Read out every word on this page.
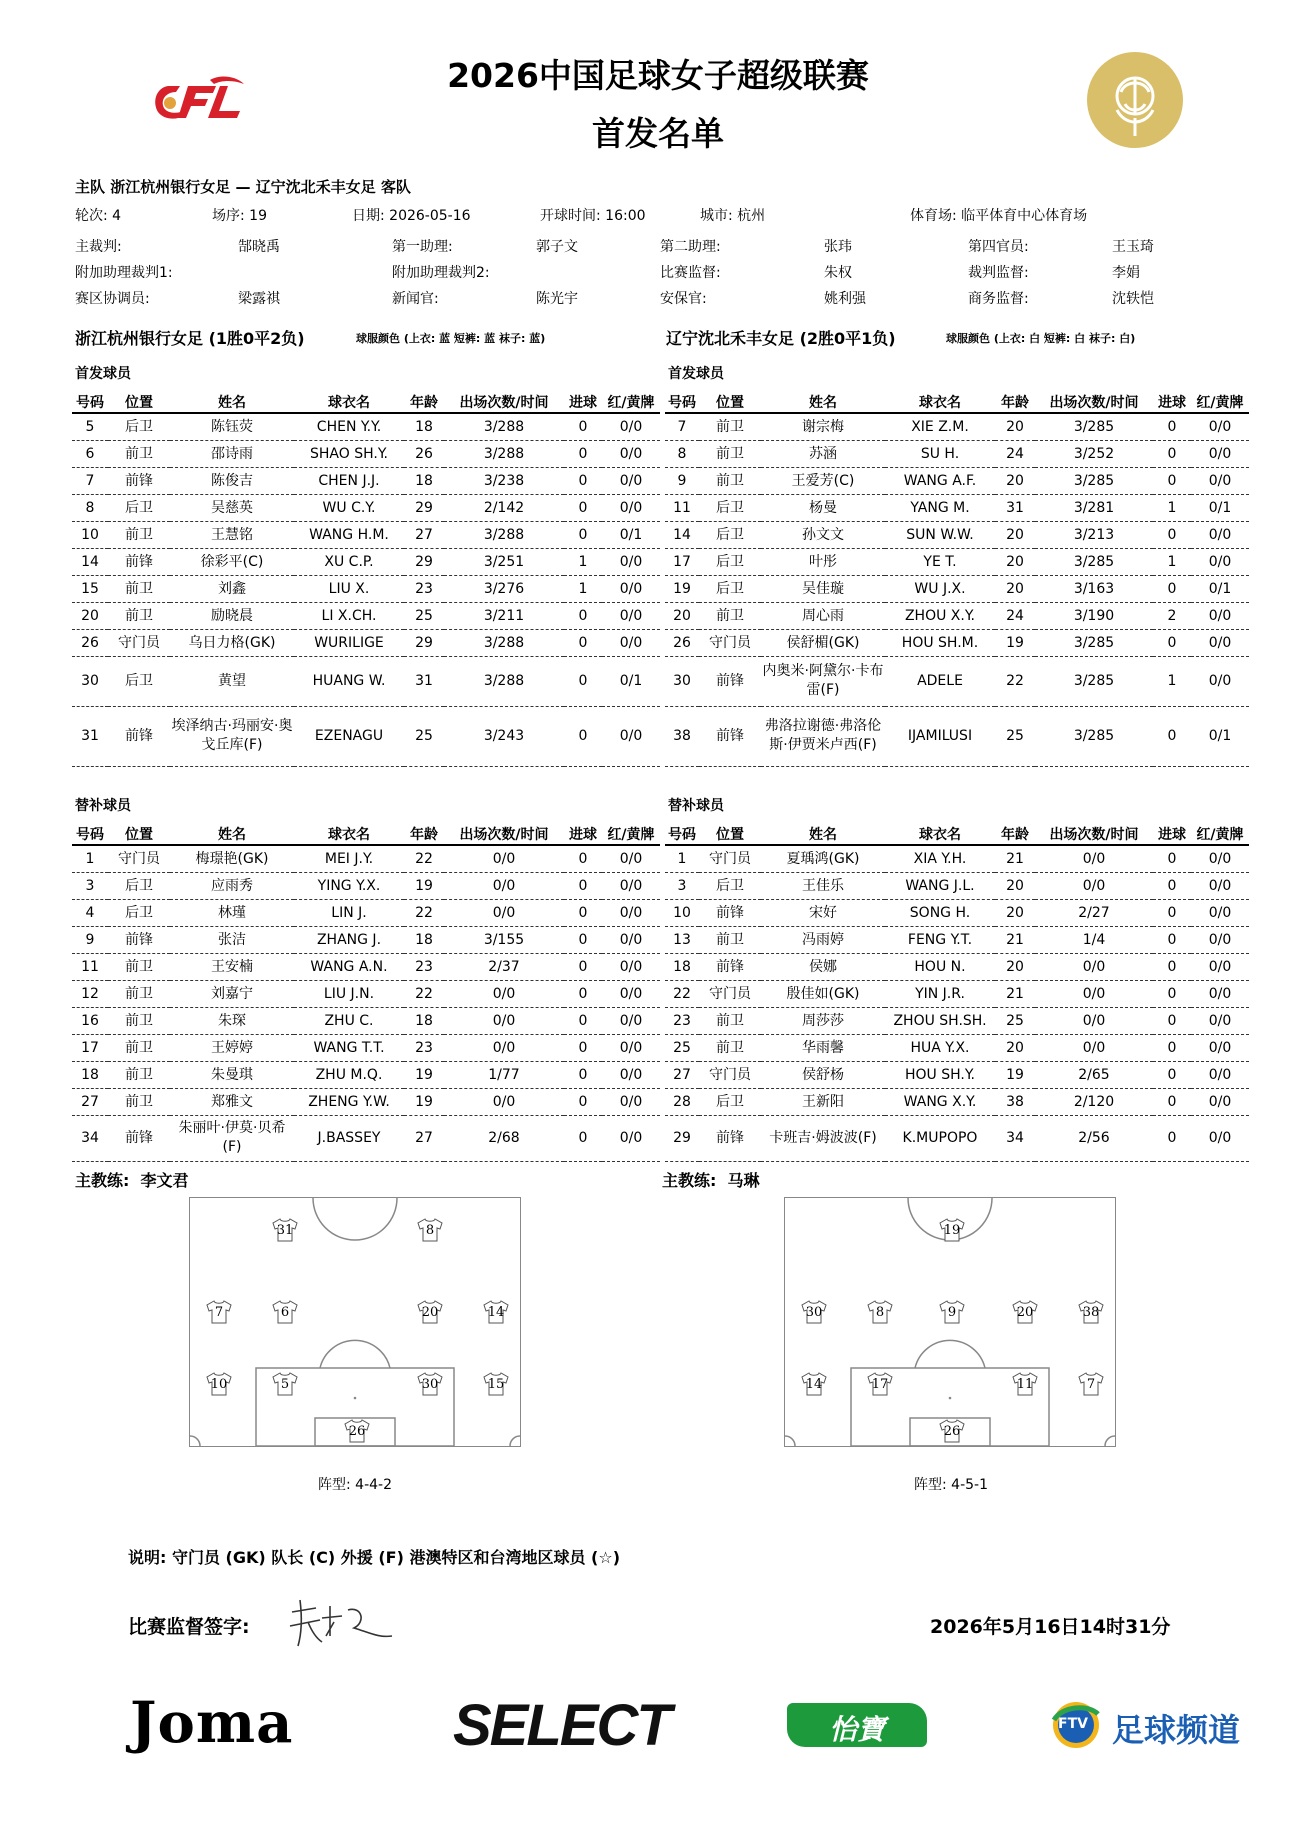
2026中国足球女子超级联赛
首发名单
主队 浙江杭州银行女足 — 辽宁沈北禾丰女足 客队
轮次: 4	场序: 19	日期: 2026-05-16	开球时间: 16:00	城市: 杭州	体育场: 临平体育中心体育场
主裁判:	郜晓禹	第一助理:	郭子文	第二助理:	张玮	第四官员:	王玉琦
附加助理裁判1:	附加助理裁判2:	比赛监督:	朱权	裁判监督:	李娟
赛区协调员:	梁露祺	新闻官:	陈光宇	安保官:	姚利强	商务监督:	沈轶恺
浙江杭州银行女足 (1胜0平2负)	球服颜色 (上衣: 蓝 短裤: 蓝 袜子: 蓝)	辽宁沈北禾丰女足 (2胜0平1负)	球服颜色 (上衣: 白 短裤: 白 袜子: 白)
首发球员	首发球员
替补球员	替补球员
号码	位置	姓名	球衣名	年龄	出场次数/时间	进球	红/黄牌
5	后卫	陈钰荧	CHEN Y.Y.	18	3/288	0	0/0
6	前卫	邵诗雨	SHAO SH.Y.	26	3/288	0	0/0
7	前锋	陈俊吉	CHEN J.J.	18	3/238	0	0/0
8	后卫	吴慈英	WU C.Y.	29	2/142	0	0/0
10	前卫	王慧铭	WANG H.M.	27	3/288	0	0/1
14	前锋	徐彩平(C)	XU C.P.	29	3/251	1	0/0
15	前卫	刘鑫	LIU X.	23	3/276	1	0/0
20	前卫	励晓晨	LI X.CH.	25	3/211	0	0/0
26	守门员	乌日力格(GK)	WURILIGE	29	3/288	0	0/0
30	后卫	黄望	HUANG W.	31	3/288	0	0/1
31	前锋	埃泽纳古·玛丽安·奥戈丘库(F)	EZENAGU	25	3/243	0	0/0
号码	位置	姓名	球衣名	年龄	出场次数/时间	进球	红/黄牌
7	前卫	谢宗梅	XIE Z.M.	20	3/285	0	0/0
8	前卫	苏涵	SU H.	24	3/252	0	0/0
9	前卫	王爱芳(C)	WANG A.F.	20	3/285	0	0/0
11	后卫	杨曼	YANG M.	31	3/281	1	0/1
14	后卫	孙文文	SUN W.W.	20	3/213	0	0/0
17	后卫	叶彤	YE T.	20	3/285	1	0/0
19	后卫	吴佳璇	WU J.X.	20	3/163	0	0/1
20	前卫	周心雨	ZHOU X.Y.	24	3/190	2	0/0
26	守门员	侯舒楣(GK)	HOU SH.M.	19	3/285	0	0/0
30	前锋	内奥米·阿黛尔·卡布雷(F)	ADELE	22	3/285	1	0/0
38	前锋	弗洛拉谢德·弗洛伦斯·伊贾米卢西(F)	IJAMILUSI	25	3/285	0	0/1
号码	位置	姓名	球衣名	年龄	出场次数/时间	进球	红/黄牌
1	守门员	梅璟艳(GK)	MEI J.Y.	22	0/0	0	0/0
3	后卫	应雨秀	YING Y.X.	19	0/0	0	0/0
4	后卫	林瑾	LIN J.	22	0/0	0	0/0
9	前锋	张洁	ZHANG J.	18	3/155	0	0/0
11	前卫	王安楠	WANG A.N.	23	2/37	0	0/0
12	前卫	刘嘉宁	LIU J.N.	22	0/0	0	0/0
16	前卫	朱琛	ZHU C.	18	0/0	0	0/0
17	前卫	王婷婷	WANG T.T.	23	0/0	0	0/0
18	前卫	朱曼琪	ZHU M.Q.	19	1/77	0	0/0
27	前卫	郑雅文	ZHENG Y.W.	19	0/0	0	0/0
34	前锋	朱丽叶·伊莫·贝希(F)	J.BASSEY	27	2/68	0	0/0
号码	位置	姓名	球衣名	年龄	出场次数/时间	进球	红/黄牌
1	守门员	夏瑀鸿(GK)	XIA Y.H.	21	0/0	0	0/0
3	后卫	王佳乐	WANG J.L.	20	0/0	0	0/0
10	前锋	宋好	SONG H.	20	2/27	0	0/0
13	前卫	冯雨婷	FENG Y.T.	21	1/4	0	0/0
18	前锋	侯娜	HOU N.	20	0/0	0	0/0
22	守门员	殷佳如(GK)	YIN J.R.	21	0/0	0	0/0
23	前卫	周莎莎	ZHOU SH.SH.	25	0/0	0	0/0
25	前卫	华雨馨	HUA Y.X.	20	0/0	0	0/0
27	守门员	侯舒杨	HOU SH.Y.	19	2/65	0	0/0
28	后卫	王新阳	WANG X.Y.	38	2/120	0	0/0
29	前锋	卡班吉·姆波波(F)	K.MUPOPO	34	2/56	0	0/0
主教练: 李文君	主教练: 马琳
31	8
7	6	20	14
10	5	30	15
26
19
30	8	9	20	38
14	17	11	7
26
阵型: 4-4-2	阵型: 4-5-1
说明: 守门员 (GK) 队长 (C) 外援 (F) 港澳特区和台湾地区球员 (☆)
比赛监督签字:	2026年5月16日14时31分
Joma	SELECT	怡寶	FTV 足球频道
